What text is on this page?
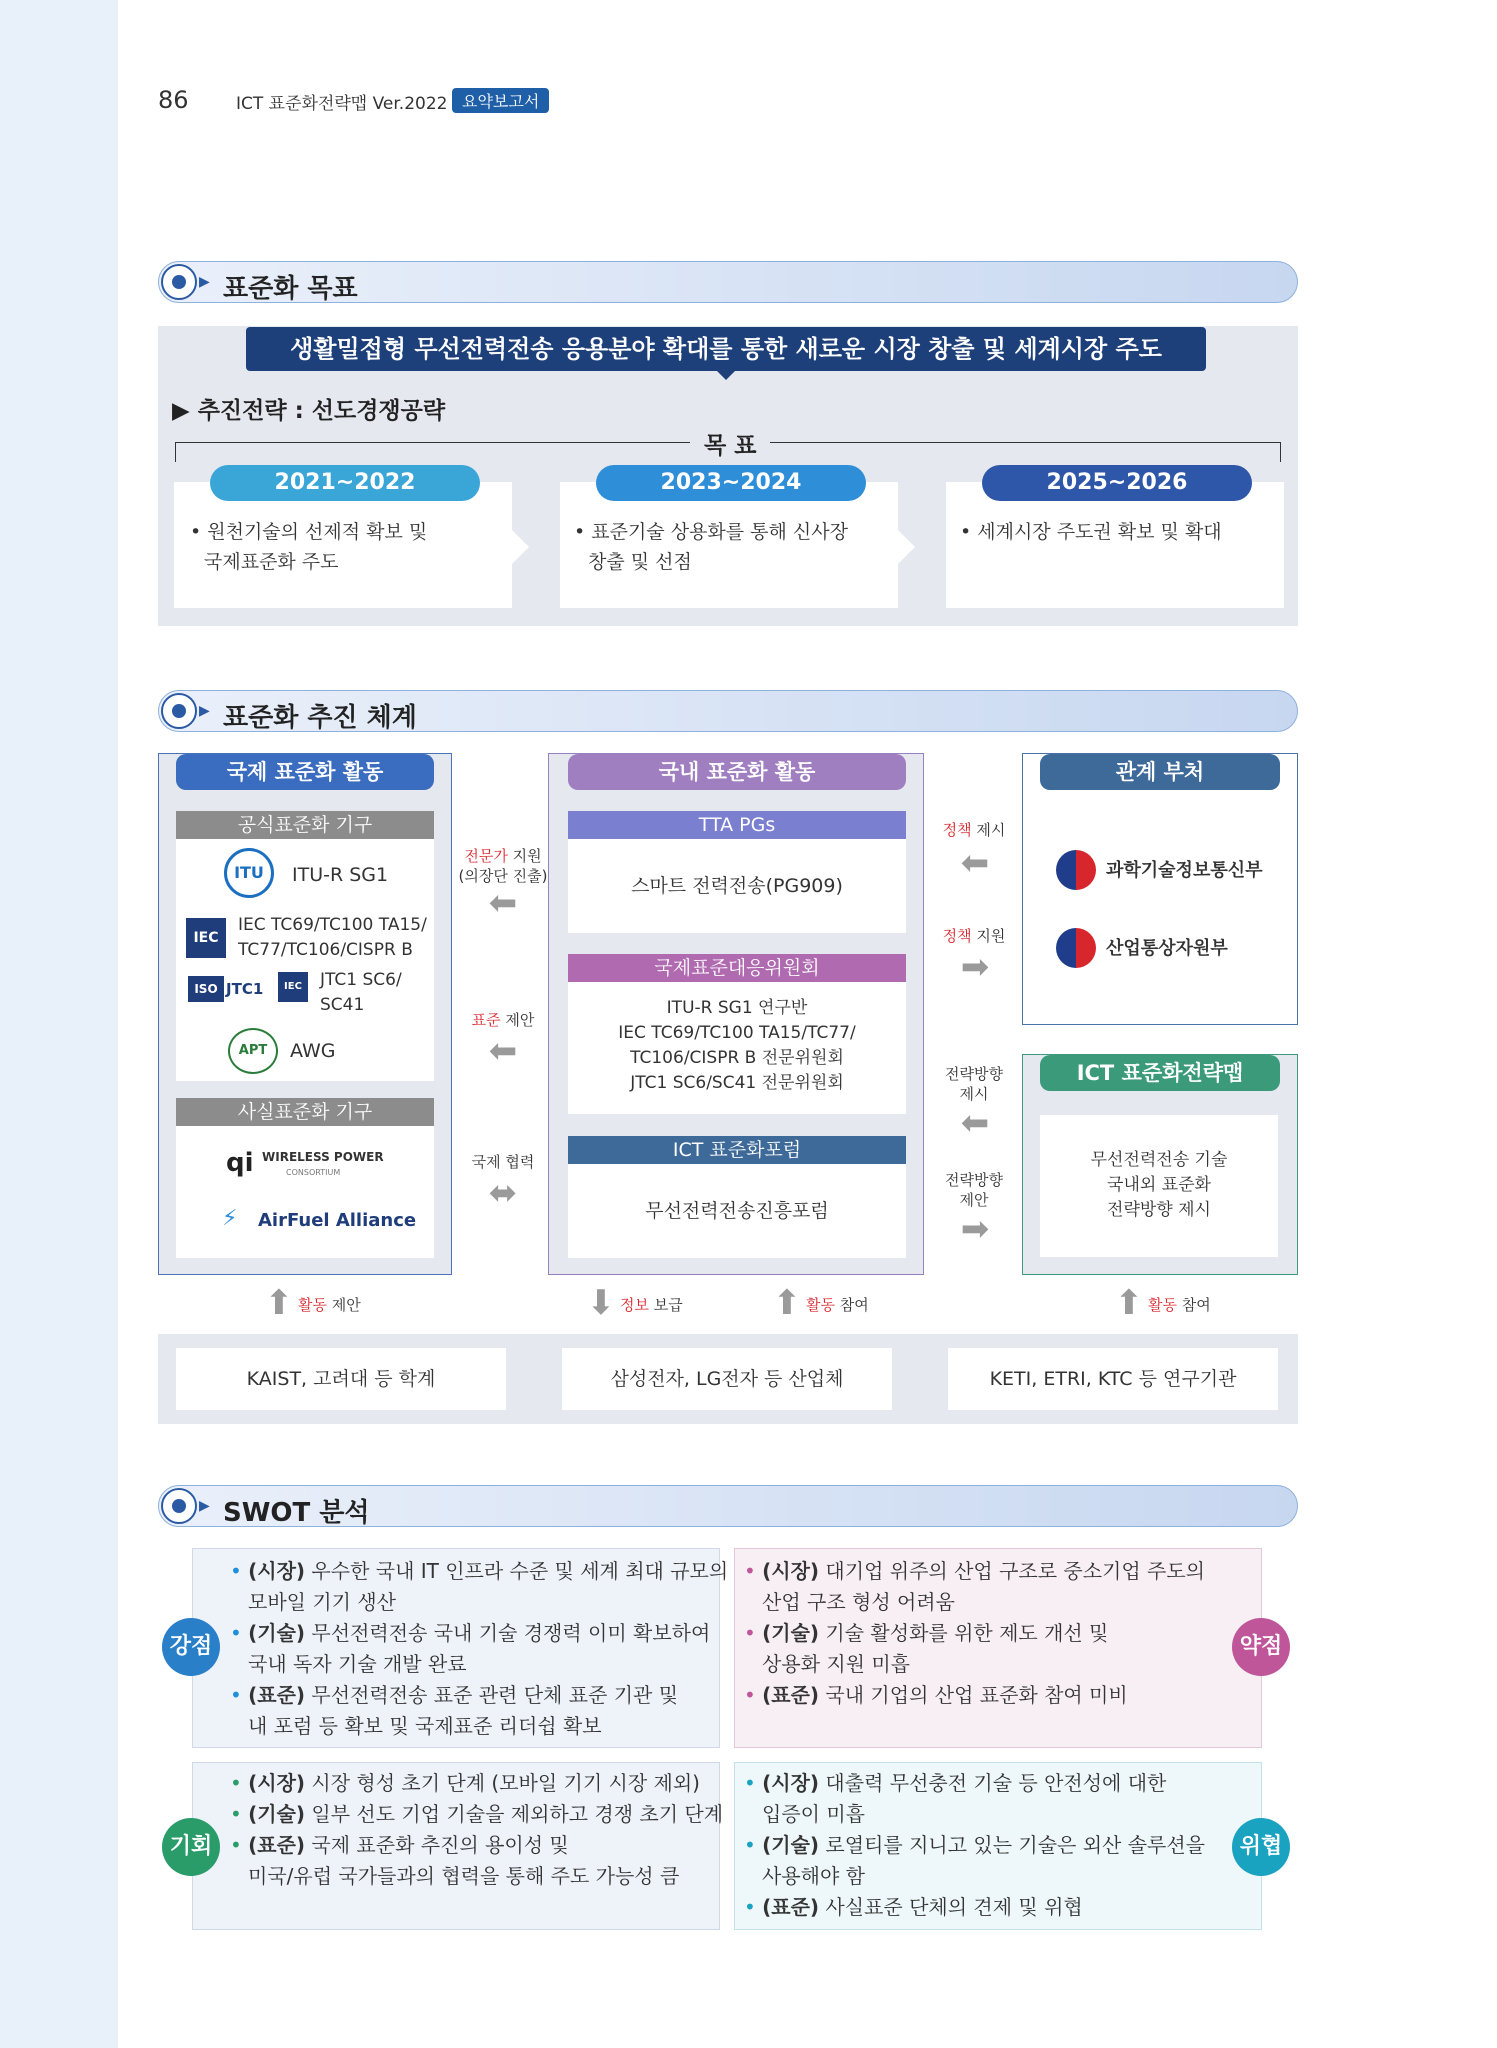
86	ICT 표준화전략맵 Ver.2022 요약보고서
▶ 표준화 목표
생활밀접형 무선전력전송 응용분야 확대를 통한 새로운 시장 창출 및 세계시장 주도
▶ 추진전략 : 선도경쟁공략
목 표
2021~2022
• 원천기술의 선제적 확보 및
국제표준화 주도
2023~2024
• 표준기술 상용화를 통해 신사장
창출 및 선점
2025~2026
• 세계시장 주도권 확보 및 확대
▶ 표준화 추진 체계
국제 표준화 활동
공식표준화 기구
ITU	ITU-R SG1
IEC
IEC TC69/TC100 TA15/
TC77/TC106/CISPR B
ISO JTC1	IEC	JTC1 SC6/
SC41
APT	AWG
사실표준화 기구
qi WIRELESS POWER
CONSORTIUM
⚡	AirFuel Alliance
전문가 지원
(의장단 진출)
⬅
표준 제안
⬅
국제 협력
⬌
국내 표준화 활동
TTA PGs
스마트 전력전송(PG909)
국제표준대응위원회
ITU-R SG1 연구반
IEC TC69/TC100 TA15/TC77/
TC106/CISPR B 전문위원회
JTC1 SC6/SC41 전문위원회
ICT 표준화포럼
무선전력전송진흥포럼
정책 제시
⬅
정책 지원
➡
전략방향
제시
⬅
전략방향
제안
➡
관계 부처
과학기술정보통신부
산업통상자원부
ICT 표준화전략맵
무선전력전송 기술
국내외 표준화
전략방향 제시
⬆ 활동 제안	⬇ 정보 보급	⬆ 활동 참여	⬆ 활동 참여
KAIST, 고려대 등 학계	삼성전자, LG전자 등 산업체	KETI, ETRI, KTC 등 연구기관
▶ SWOT 분석
강점
• (시장) 우수한 국내 IT 인프라 수준 및 세계 최대 규모의
모바일 기기 생산
• (기술) 무선전력전송 국내 기술 경쟁력 이미 확보하여
국내 독자 기술 개발 완료
• (표준) 무선전력전송 표준 관련 단체 표준 기관 및
내 포럼 등 확보 및 국제표준 리더쉽 확보
약점
• (시장) 대기업 위주의 산업 구조로 중소기업 주도의
산업 구조 형성 어려움
• (기술) 기술 활성화를 위한 제도 개선 및
상용화 지원 미흡
• (표준) 국내 기업의 산업 표준화 참여 미비
기회
• (시장) 시장 형성 초기 단계 (모바일 기기 시장 제외)
• (기술) 일부 선도 기업 기술을 제외하고 경쟁 초기 단계
• (표준) 국제 표준화 추진의 용이성 및
미국/유럽 국가들과의 협력을 통해 주도 가능성 큼
위협
• (시장) 대출력 무선충전 기술 등 안전성에 대한
입증이 미흡
• (기술) 로열티를 지니고 있는 기술은 외산 솔루션을
사용해야 함
• (표준) 사실표준 단체의 견제 및 위협
